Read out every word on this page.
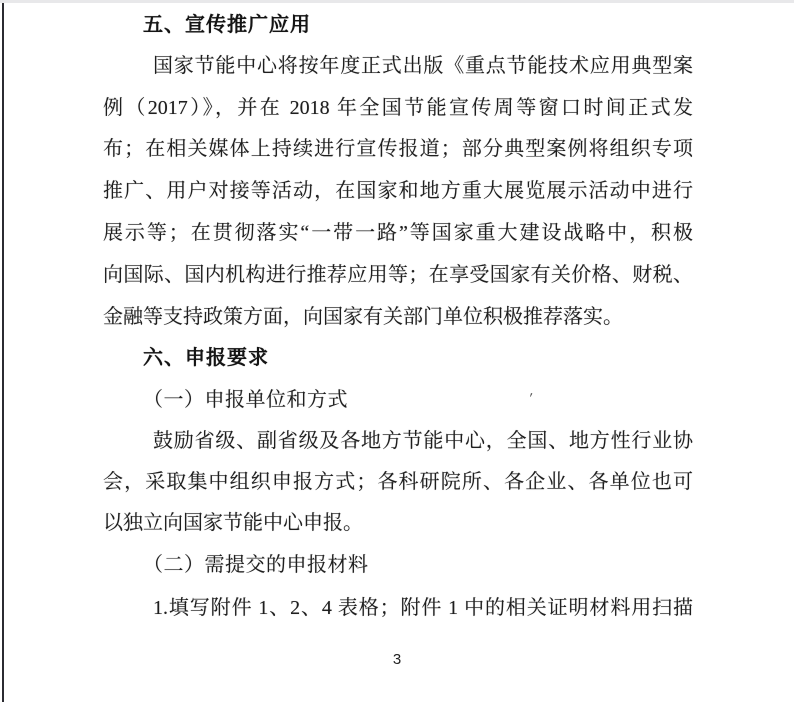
五、宣传推广应用
国家节能中心将按年度正式出版《重点节能技术应用典型案
例（2017）》，并在 2018 年全国节能宣传周等窗口时间正式发
布；在相关媒体上持续进行宣传报道；部分典型案例将组织专项
推广、用户对接等活动，在国家和地方重大展览展示活动中进行
展示等；在贯彻落实“一带一路”等国家重大建设战略中，积极
向国际、国内机构进行推荐应用等；在享受国家有关价格、财税、
金融等支持政策方面，向国家有关部门单位积极推荐落实。
六、申报要求
（一）申报单位和方式	′
鼓励省级、副省级及各地方节能中心，全国、地方性行业协
会，采取集中组织申报方式；各科研院所、各企业、各单位也可
以独立向国家节能中心申报。
（二）需提交的申报材料
1.填写附件 1、2、4 表格；附件 1 中的相关证明材料用扫描
3
